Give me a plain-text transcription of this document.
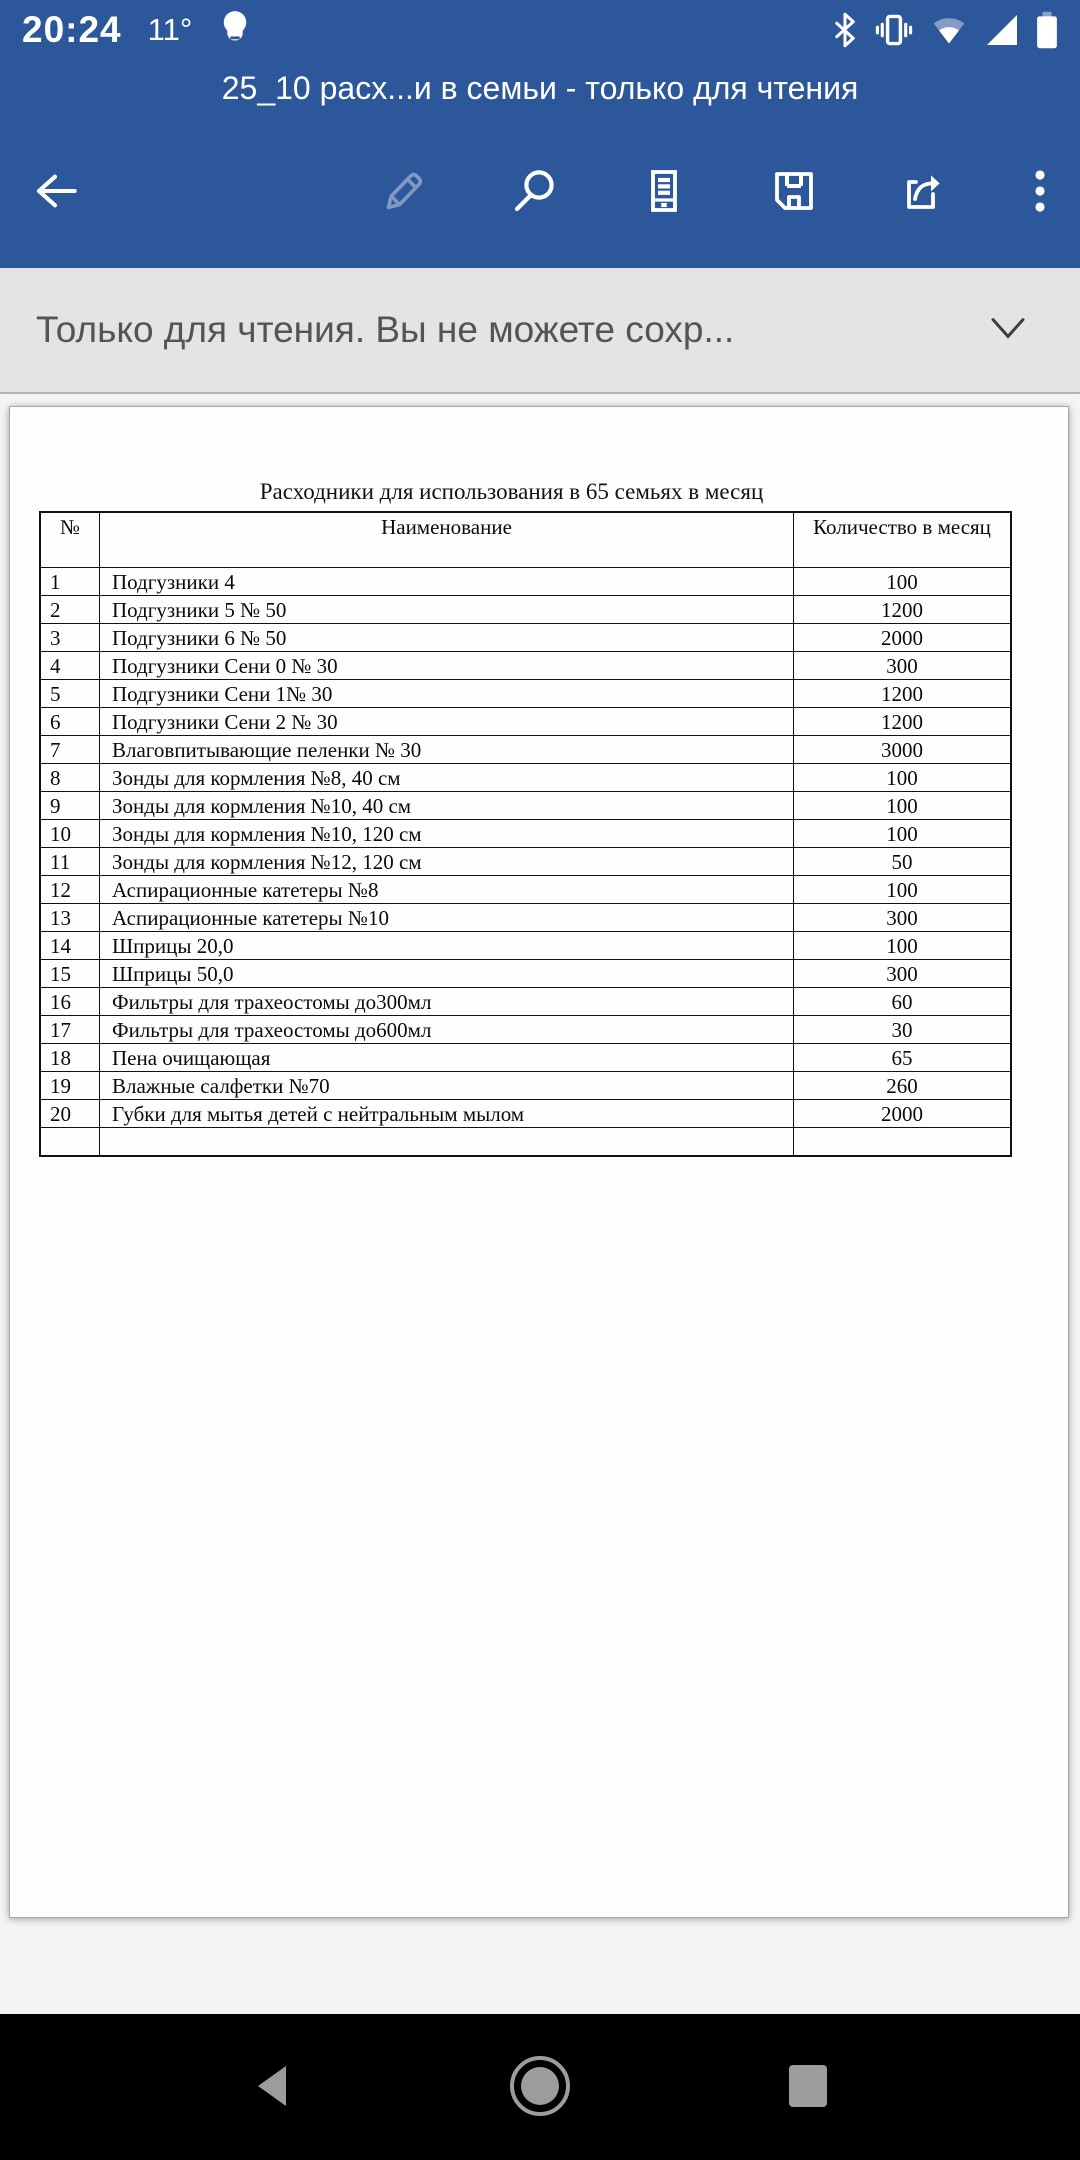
20:24 11°
25_10 расх...и в семьи - только для чтения
Только для чтения. Вы не можете сохр...
Расходники для использования в 65 семьях в месяц
№	Наименование	Количество в месяц
1	Подгузники 4	100
2	Подгузники 5 № 50	1200
3	Подгузники 6 № 50	2000
4	Подгузники Сени 0 № 30	300
5	Подгузники Сени 1№ 30	1200
6	Подгузники Сени 2 № 30	1200
7	Влаговпитывающие пеленки № 30	3000
8	Зонды для кормления №8, 40 см	100
9	Зонды для кормления №10, 40 см	100
10	Зонды для кормления №10, 120 см	100
11	Зонды для кормления №12, 120 см	50
12	Аспирационные катетеры №8	100
13	Аспирационные катетеры №10	300
14	Шприцы 20,0	100
15	Шприцы 50,0	300
16	Фильтры для трахеостомы до300мл	60
17	Фильтры для трахеостомы до600мл	30
18	Пена очищающая	65
19	Влажные салфетки №70	260
20	Губки для мытья детей с нейтральным мылом	2000
